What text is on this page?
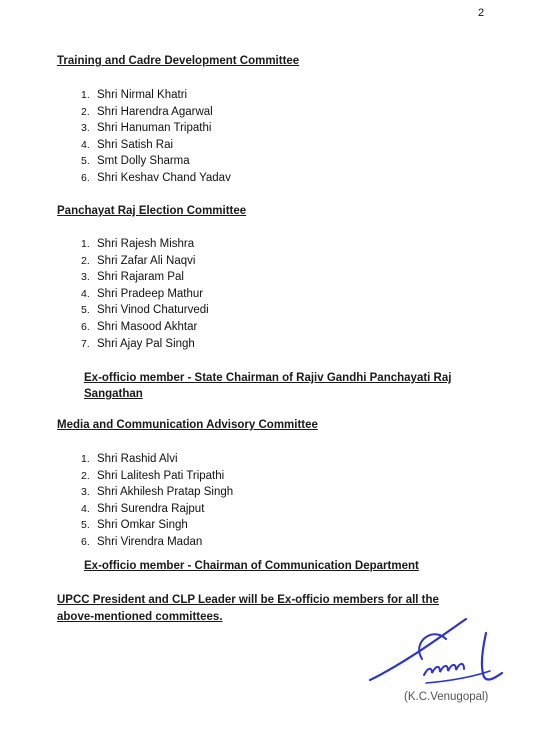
2
Training and Cadre Development Committee
1. Shri Nirmal Khatri
2. Shri Harendra Agarwal
3. Shri Hanuman Tripathi
4. Shri Satish Rai
5. Smt Dolly Sharma
6. Shri Keshav Chand Yadav
Panchayat Raj Election Committee
1. Shri Rajesh Mishra
2. Shri Zafar Ali Naqvi
3. Shri Rajaram Pal
4. Shri Pradeep Mathur
5. Shri Vinod Chaturvedi
6. Shri Masood Akhtar
7. Shri Ajay Pal Singh
Ex-officio member - State Chairman of Rajiv Gandhi Panchayati Raj
Sangathan
Media and Communication Advisory Committee
1. Shri Rashid Alvi
2. Shri Lalitesh Pati Tripathi
3. Shri Akhilesh Pratap Singh
4. Shri Surendra Rajput
5. Shri Omkar Singh
6. Shri Virendra Madan
Ex-officio member - Chairman of Communication Department
UPCC President and CLP Leader will be Ex-officio members for all the
above-mentioned committees.
(K.C.Venugopal)
